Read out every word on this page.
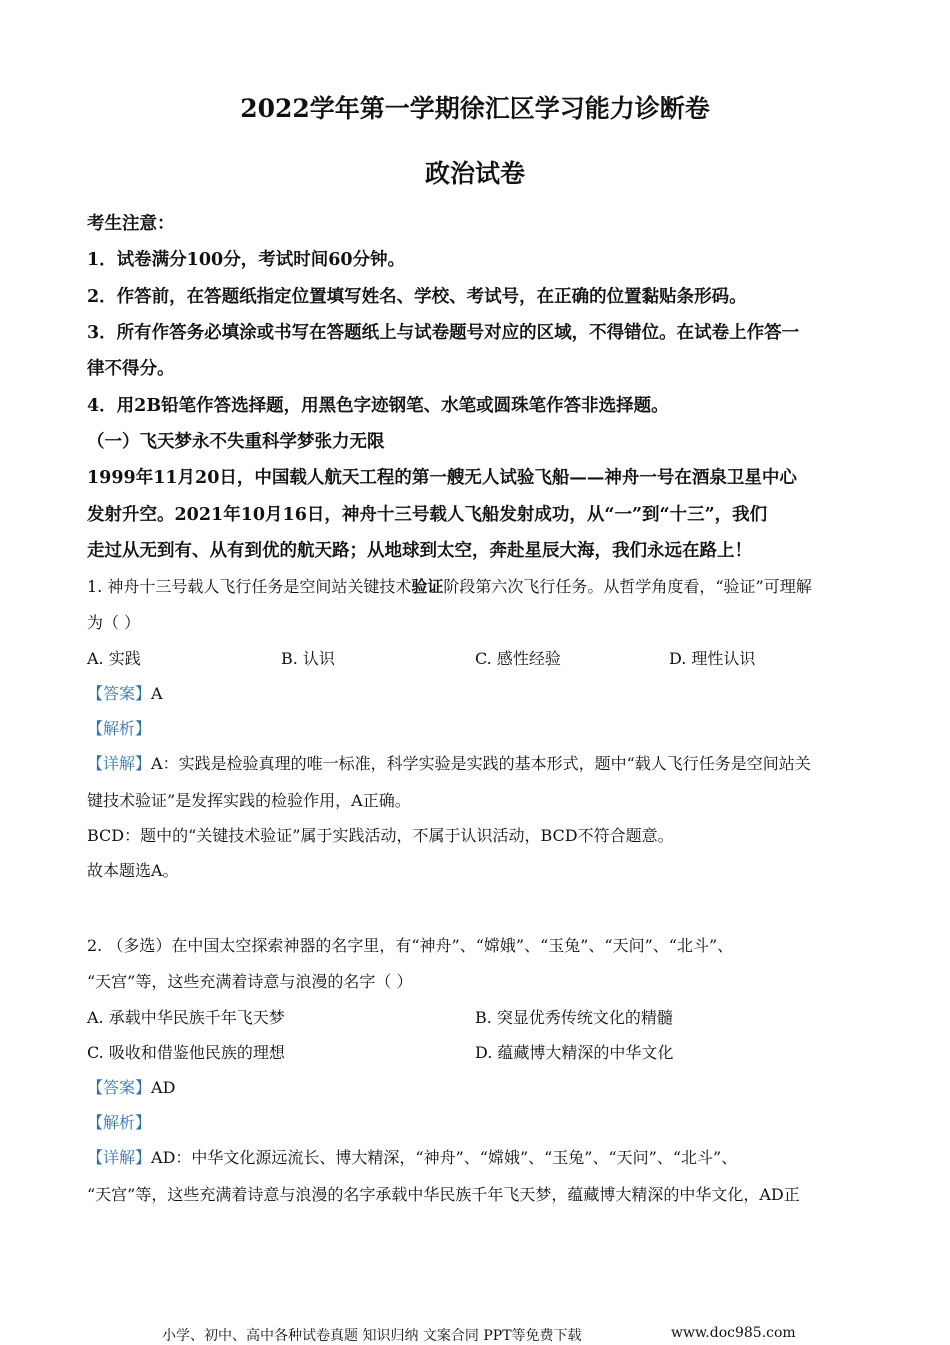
2022学年第一学期徐汇区学习能力诊断卷
政治试卷
考生注意：
1．试卷满分100分，考试时间60分钟。
2．作答前，在答题纸指定位置填写姓名、学校、考试号，在正确的位置黏贴条形码。
3．所有作答务必填涂或书写在答题纸上与试卷题号对应的区域，不得错位。在试卷上作答一
律不得分。
4．用2B铅笔作答选择题，用黑色字迹钢笔、水笔或圆珠笔作答非选择题。
（一）飞天梦永不失重科学梦张力无限
1999年11月20日，中国载人航天工程的第一艘无人试验飞船——神舟一号在酒泉卫星中心
发射升空。2021年10月16日，神舟十三号载人飞船发射成功，从“一”到“十三”，我们
走过从无到有、从有到优的航天路；从地球到太空，奔赴星辰大海，我们永远在路上！
1. 神舟十三号载人飞行任务是空间站关键技术验证阶段第六次飞行任务。从哲学角度看，“验证”可理解
为（ ）
A. 实践	B. 认识	C. 感性经验	D. 理性认识
【答案】A
【解析】
【详解】A：实践是检验真理的唯一标准，科学实验是实践的基本形式，题中“载人飞行任务是空间站关
键技术验证”是发挥实践的检验作用，A正确。
BCD：题中的“关键技术验证”属于实践活动，不属于认识活动，BCD不符合题意。
故本题选A。
2. （多选）在中国太空探索神器的名字里，有“神舟”、“嫦娥”、“玉兔”、“天问”、“北斗”、
“天宫”等，这些充满着诗意与浪漫的名字（ ）
A. 承载中华民族千年飞天梦	B. 突显优秀传统文化的精髓
C. 吸收和借鉴他民族的理想	D. 蕴藏博大精深的中华文化
【答案】AD
【解析】
【详解】AD：中华文化源远流长、博大精深，“神舟”、“嫦娥”、“玉兔”、“天问”、“北斗”、
“天宫”等，这些充满着诗意与浪漫的名字承载中华民族千年飞天梦，蕴藏博大精深的中华文化，AD正
小学、初中、高中各种试卷真题 知识归纳 文案合同 PPT等免费下载	www.doc985.com
